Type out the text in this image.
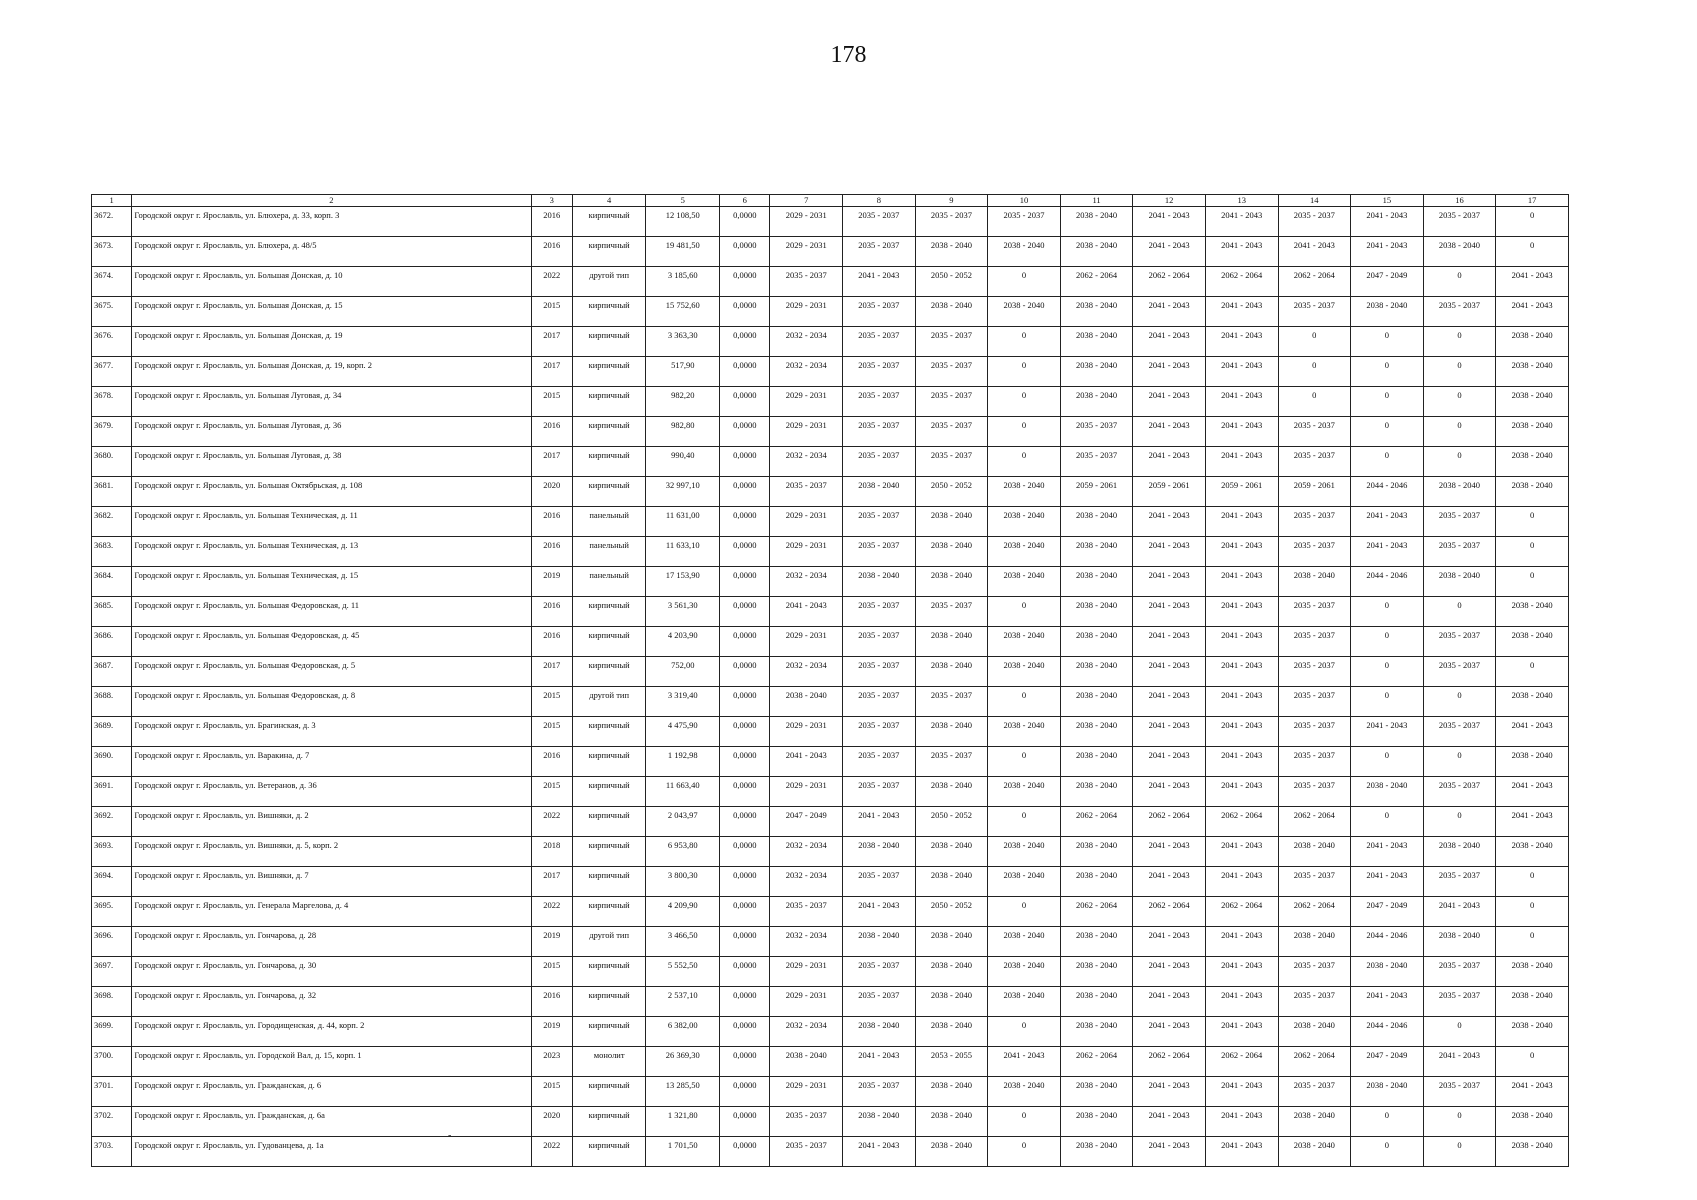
178
1	2	3	4	5	6	7	8	9	10	11	12	13	14	15	16	17
3672.	Городской округ г. Ярославль, ул. Блюхера, д. 33, корп. 3	2016	кирпичный	12 108,50	0,0000	2029 - 2031	2035 - 2037	2035 - 2037	2035 - 2037	2038 - 2040	2041 - 2043	2041 - 2043	2035 - 2037	2041 - 2043	2035 - 2037	0
3673.	Городской округ г. Ярославль, ул. Блюхера, д. 48/5	2016	кирпичный	19 481,50	0,0000	2029 - 2031	2035 - 2037	2038 - 2040	2038 - 2040	2038 - 2040	2041 - 2043	2041 - 2043	2041 - 2043	2041 - 2043	2038 - 2040	0
3674.	Городской округ г. Ярославль, ул. Большая Донская, д. 10	2022	другой тип	3 185,60	0,0000	2035 - 2037	2041 - 2043	2050 - 2052	0	2062 - 2064	2062 - 2064	2062 - 2064	2062 - 2064	2047 - 2049	0	2041 - 2043
3675.	Городской округ г. Ярославль, ул. Большая Донская, д. 15	2015	кирпичный	15 752,60	0,0000	2029 - 2031	2035 - 2037	2038 - 2040	2038 - 2040	2038 - 2040	2041 - 2043	2041 - 2043	2035 - 2037	2038 - 2040	2035 - 2037	2041 - 2043
3676.	Городской округ г. Ярославль, ул. Большая Донская, д. 19	2017	кирпичный	3 363,30	0,0000	2032 - 2034	2035 - 2037	2035 - 2037	0	2038 - 2040	2041 - 2043	2041 - 2043	0	0	0	2038 - 2040
3677.	Городской округ г. Ярославль, ул. Большая Донская, д. 19, корп. 2	2017	кирпичный	517,90	0,0000	2032 - 2034	2035 - 2037	2035 - 2037	0	2038 - 2040	2041 - 2043	2041 - 2043	0	0	0	2038 - 2040
3678.	Городской округ г. Ярославль, ул. Большая Луговая, д. 34	2015	кирпичный	982,20	0,0000	2029 - 2031	2035 - 2037	2035 - 2037	0	2038 - 2040	2041 - 2043	2041 - 2043	0	0	0	2038 - 2040
3679.	Городской округ г. Ярославль, ул. Большая Луговая, д. 36	2016	кирпичный	982,80	0,0000	2029 - 2031	2035 - 2037	2035 - 2037	0	2035 - 2037	2041 - 2043	2041 - 2043	2035 - 2037	0	0	2038 - 2040
3680.	Городской округ г. Ярославль, ул. Большая Луговая, д. 38	2017	кирпичный	990,40	0,0000	2032 - 2034	2035 - 2037	2035 - 2037	0	2035 - 2037	2041 - 2043	2041 - 2043	2035 - 2037	0	0	2038 - 2040
3681.	Городской округ г. Ярославль, ул. Большая Октябрьская, д. 108	2020	кирпичный	32 997,10	0,0000	2035 - 2037	2038 - 2040	2050 - 2052	2038 - 2040	2059 - 2061	2059 - 2061	2059 - 2061	2059 - 2061	2044 - 2046	2038 - 2040	2038 - 2040
3682.	Городской округ г. Ярославль, ул. Большая Техническая, д. 11	2016	панельный	11 631,00	0,0000	2029 - 2031	2035 - 2037	2038 - 2040	2038 - 2040	2038 - 2040	2041 - 2043	2041 - 2043	2035 - 2037	2041 - 2043	2035 - 2037	0
3683.	Городской округ г. Ярославль, ул. Большая Техническая, д. 13	2016	панельный	11 633,10	0,0000	2029 - 2031	2035 - 2037	2038 - 2040	2038 - 2040	2038 - 2040	2041 - 2043	2041 - 2043	2035 - 2037	2041 - 2043	2035 - 2037	0
3684.	Городской округ г. Ярославль, ул. Большая Техническая, д. 15	2019	панельный	17 153,90	0,0000	2032 - 2034	2038 - 2040	2038 - 2040	2038 - 2040	2038 - 2040	2041 - 2043	2041 - 2043	2038 - 2040	2044 - 2046	2038 - 2040	0
3685.	Городской округ г. Ярославль, ул. Большая Федоровская, д. 11	2016	кирпичный	3 561,30	0,0000	2041 - 2043	2035 - 2037	2035 - 2037	0	2038 - 2040	2041 - 2043	2041 - 2043	2035 - 2037	0	0	2038 - 2040
3686.	Городской округ г. Ярославль, ул. Большая Федоровская, д. 45	2016	кирпичный	4 203,90	0,0000	2029 - 2031	2035 - 2037	2038 - 2040	2038 - 2040	2038 - 2040	2041 - 2043	2041 - 2043	2035 - 2037	0	2035 - 2037	2038 - 2040
3687.	Городской округ г. Ярославль, ул. Большая Федоровская, д. 5	2017	кирпичный	752,00	0,0000	2032 - 2034	2035 - 2037	2038 - 2040	2038 - 2040	2038 - 2040	2041 - 2043	2041 - 2043	2035 - 2037	0	2035 - 2037	0
3688.	Городской округ г. Ярославль, ул. Большая Федоровская, д. 8	2015	другой тип	3 319,40	0,0000	2038 - 2040	2035 - 2037	2035 - 2037	0	2038 - 2040	2041 - 2043	2041 - 2043	2035 - 2037	0	0	2038 - 2040
3689.	Городской округ г. Ярославль, ул. Брагинская, д. 3	2015	кирпичный	4 475,90	0,0000	2029 - 2031	2035 - 2037	2038 - 2040	2038 - 2040	2038 - 2040	2041 - 2043	2041 - 2043	2035 - 2037	2041 - 2043	2035 - 2037	2041 - 2043
3690.	Городской округ г. Ярославль, ул. Варакина, д. 7	2016	кирпичный	1 192,98	0,0000	2041 - 2043	2035 - 2037	2035 - 2037	0	2038 - 2040	2041 - 2043	2041 - 2043	2035 - 2037	0	0	2038 - 2040
3691.	Городской округ г. Ярославль, ул. Ветеранов, д. 36	2015	кирпичный	11 663,40	0,0000	2029 - 2031	2035 - 2037	2038 - 2040	2038 - 2040	2038 - 2040	2041 - 2043	2041 - 2043	2035 - 2037	2038 - 2040	2035 - 2037	2041 - 2043
3692.	Городской округ г. Ярославль, ул. Вишняки, д. 2	2022	кирпичный	2 043,97	0,0000	2047 - 2049	2041 - 2043	2050 - 2052	0	2062 - 2064	2062 - 2064	2062 - 2064	2062 - 2064	0	0	2041 - 2043
3693.	Городской округ г. Ярославль, ул. Вишняки, д. 5, корп. 2	2018	кирпичный	6 953,80	0,0000	2032 - 2034	2038 - 2040	2038 - 2040	2038 - 2040	2038 - 2040	2041 - 2043	2041 - 2043	2038 - 2040	2041 - 2043	2038 - 2040	2038 - 2040
3694.	Городской округ г. Ярославль, ул. Вишняки, д. 7	2017	кирпичный	3 800,30	0,0000	2032 - 2034	2035 - 2037	2038 - 2040	2038 - 2040	2038 - 2040	2041 - 2043	2041 - 2043	2035 - 2037	2041 - 2043	2035 - 2037	0
3695.	Городской округ г. Ярославль, ул. Генерала Маргелова, д. 4	2022	кирпичный	4 209,90	0,0000	2035 - 2037	2041 - 2043	2050 - 2052	0	2062 - 2064	2062 - 2064	2062 - 2064	2062 - 2064	2047 - 2049	2041 - 2043	0
3696.	Городской округ г. Ярославль, ул. Гончарова, д. 28	2019	другой тип	3 466,50	0,0000	2032 - 2034	2038 - 2040	2038 - 2040	2038 - 2040	2038 - 2040	2041 - 2043	2041 - 2043	2038 - 2040	2044 - 2046	2038 - 2040	0
3697.	Городской округ г. Ярославль, ул. Гончарова, д. 30	2015	кирпичный	5 552,50	0,0000	2029 - 2031	2035 - 2037	2038 - 2040	2038 - 2040	2038 - 2040	2041 - 2043	2041 - 2043	2035 - 2037	2038 - 2040	2035 - 2037	2038 - 2040
3698.	Городской округ г. Ярославль, ул. Гончарова, д. 32	2016	кирпичный	2 537,10	0,0000	2029 - 2031	2035 - 2037	2038 - 2040	2038 - 2040	2038 - 2040	2041 - 2043	2041 - 2043	2035 - 2037	2041 - 2043	2035 - 2037	2038 - 2040
3699.	Городской округ г. Ярославль, ул. Городищенская, д. 44, корп. 2	2019	кирпичный	6 382,00	0,0000	2032 - 2034	2038 - 2040	2038 - 2040	0	2038 - 2040	2041 - 2043	2041 - 2043	2038 - 2040	2044 - 2046	0	2038 - 2040
3700.	Городской округ г. Ярославль, ул. Городской Вал, д. 15, корп. 1	2023	монолит	26 369,30	0,0000	2038 - 2040	2041 - 2043	2053 - 2055	2041 - 2043	2062 - 2064	2062 - 2064	2062 - 2064	2062 - 2064	2047 - 2049	2041 - 2043	0
3701.	Городской округ г. Ярославль, ул. Гражданская, д. 6	2015	кирпичный	13 285,50	0,0000	2029 - 2031	2035 - 2037	2038 - 2040	2038 - 2040	2038 - 2040	2041 - 2043	2041 - 2043	2035 - 2037	2038 - 2040	2035 - 2037	2041 - 2043
3702.	Городской округ г. Ярославль, ул. Гражданская, д. 6а	2020	кирпичный	1 321,80	0,0000	2035 - 2037	2038 - 2040	2038 - 2040	0	2038 - 2040	2041 - 2043	2041 - 2043	2038 - 2040	0	0	2038 - 2040
3703.	Городской округ г. Ярославль, ул. Гудованцева, д. 1а	2022	кирпичный	1 701,50	0,0000	2035 - 2037	2041 - 2043	2038 - 2040	0	2038 - 2040	2041 - 2043	2041 - 2043	2038 - 2040	0	0	2038 - 2040
-
